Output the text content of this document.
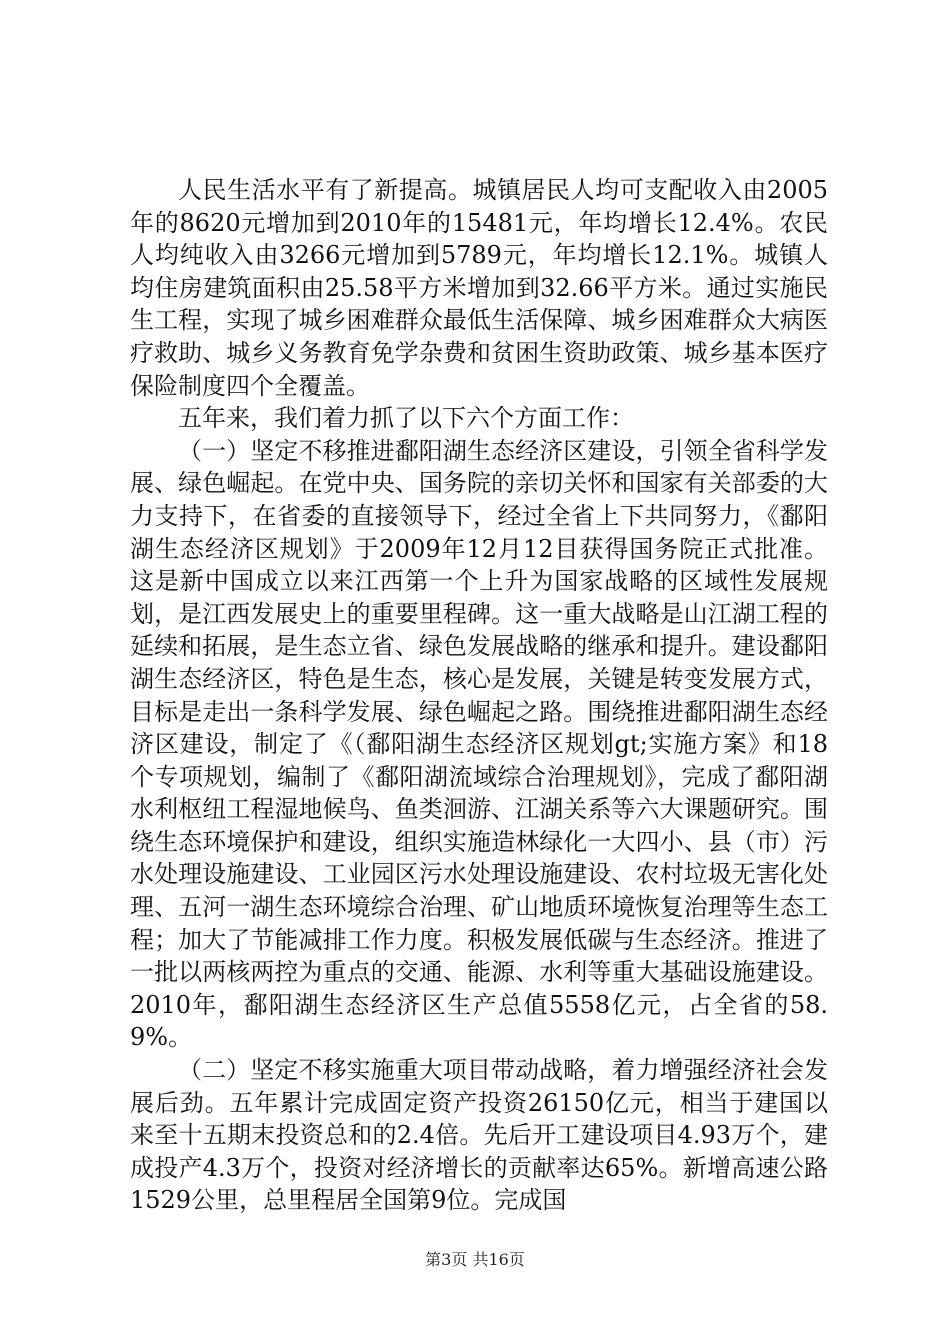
人民生活水平有了新提高。城镇居民人均可支配收入由2005年的8620元增加到2010年的15481元，年均增长12.4%。农民人均纯收入由3266元增加到5789元，年均增长12.1%。城镇人均住房建筑面积由25.58平方米增加到32.66平方米。通过实施民生工程，实现了城乡困难群众最低生活保障、城乡困难群众大病医疗救助、城乡义务教育免学杂费和贫困生资助政策、城乡基本医疗保险制度四个全覆盖。

五年来，我们着力抓了以下六个方面工作：

（一）坚定不移推进鄱阳湖生态经济区建设，引领全省科学发展、绿色崛起。在党中央、国务院的亲切关怀和国家有关部委的大力支持下，在省委的直接领导下，经过全省上下共同努力，《鄱阳湖生态经济区规划》于2009年12月12目获得国务院正式批准。这是新中国成立以来江西第一个上升为国家战略的区域性发展规划，是江西发展史上的重要里程碑。这一重大战略是山江湖工程的延续和拓展，是生态立省、绿色发展战略的继承和提升。建设鄱阳湖生态经济区，特色是生态，核心是发展，关键是转变发展方式，目标是走出一条科学发展、绿色崛起之路。围绕推进鄱阳湖生态经济区建设，制定了《（鄱阳湖生态经济区规划gt;实施方案》和18个专项规划，编制了《鄱阳湖流域综合治理规划》，完成了鄱阳湖水利枢纽工程湿地候鸟、鱼类洄游、江湖关系等六大课题研究。围绕生态环境保护和建设，组织实施造林绿化一大四小、县（市）污水处理设施建设、工业园区污水处理设施建设、农村垃圾无害化处理、五河一湖生态环境综合治理、矿山地质环境恢复治理等生态工程；加大了节能减排工作力度。积极发展低碳与生态经济。推进了一批以两核两控为重点的交通、能源、水利等重大基础设施建设。2010年，鄱阳湖生态经济区生产总值5558亿元，占全省的58.9%。

（二）坚定不移实施重大项目带动战略，着力增强经济社会发展后劲。五年累计完成固定资产投资26150亿元，相当于建国以来至十五期末投资总和的2.4倍。先后开工建设项目4.93万个，建成投产4.3万个，投资对经济增长的贡献率达65%。新增高速公路1529公里，总里程居全国第9位。完成国

第3页 共16页
